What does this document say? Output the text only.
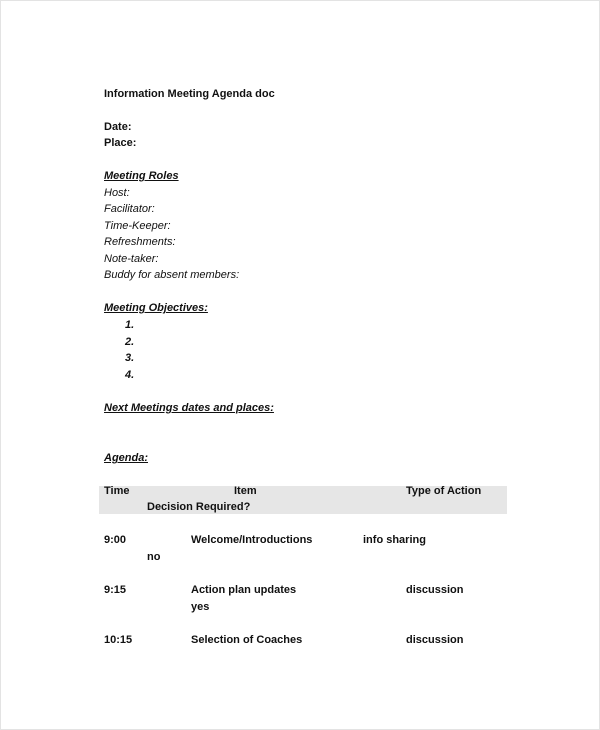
Information Meeting Agenda doc
Date:
Place:
Meeting Roles
Host:
Facilitator:
Time-Keeper:
Refreshments:
Note-taker:
Buddy for absent members:
Meeting Objectives:
1.
2.
3.
4.
Next Meetings dates and places:
Agenda:
Time	Item	Type of Action
Decision Required?
9:00	Welcome/Introductions	info sharing
no
9:15	Action plan updates	discussion
yes
10:15	Selection of Coaches	discussion
